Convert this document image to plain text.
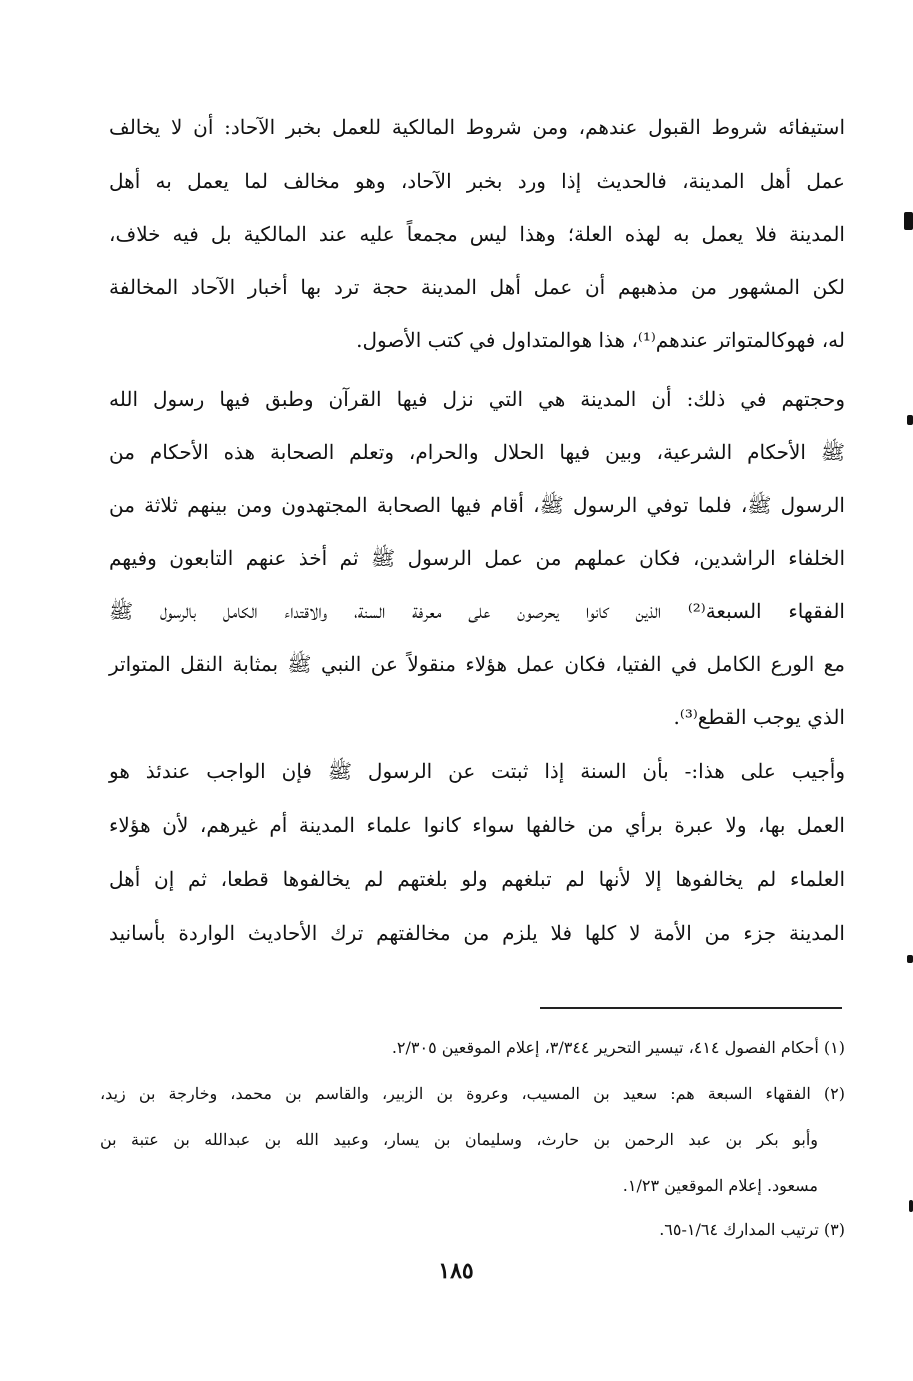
استيفائه شروط القبول عندهم، ومن شروط المالكية للعمل بخبر الآحاد: أن لا يخالف
عمل أهل المدينة، فالحديث إذا ورد بخبر الآحاد، وهو مخالف لما يعمل به أهل
المدينة فلا يعمل به لهذه العلة؛ وهذا ليس مجمعاً عليه عند المالكية بل فيه خلاف،
لكن المشهور من مذهبهم أن عمل أهل المدينة حجة ترد بها أخبار الآحاد المخالفة
له، فهوكالمتواتر عندهم⁽¹⁾، هذا هوالمتداول في كتب الأصول.
وحجتهم في ذلك: أن المدينة هي التي نزل فيها القرآن وطبق فيها رسول الله
ﷺ الأحكام الشرعية، وبين فيها الحلال والحرام، وتعلم الصحابة هذه الأحكام من
الرسول ﷺ، فلما توفي الرسول ﷺ، أقام فيها الصحابة المجتهدون ومن بينهم ثلاثة من
الخلفاء الراشدين، فكان عملهم من عمل الرسول ﷺ ثم أخذ عنهم التابعون وفيهم
الفقهاء السبعة⁽²⁾ الذين كانوا يحرصون على معرفة السنة، والاقتداء الكامل بالرسول ﷺ
مع الورع الكامل في الفتيا، فكان عمل هؤلاء منقولاً عن النبي ﷺ بمثابة النقل المتواتر
الذي يوجب القطع⁽³⁾.
وأجيب على هذا:- بأن السنة إذا ثبتت عن الرسول ﷺ فإن الواجب عندئذ هو
العمل بها، ولا عبرة برأي من خالفها سواء كانوا علماء المدينة أم غيرهم، لأن هؤلاء
العلماء لم يخالفوها إلا لأنها لم تبلغهم ولو بلغتهم لم يخالفوها قطعا، ثم إن أهل
المدينة جزء من الأمة لا كلها فلا يلزم من مخالفتهم ترك الأحاديث الواردة بأسانيد
(١) أحكام الفصول ٤١٤، تيسير التحرير ٣/٣٤٤، إعلام الموقعين ٢/٣٠٥.
(٢) الفقهاء السبعة هم: سعيد بن المسيب، وعروة بن الزبير، والقاسم بن محمد، وخارجة بن زيد،
وأبو بكر بن عبد الرحمن بن حارث، وسليمان بن يسار، وعبيد الله بن عبدالله بن عتبة بن
مسعود. إعلام الموقعين ١/٢٣.
(٣) ترتيب المدارك ١/٦٤-٦٥.
١٨٥
